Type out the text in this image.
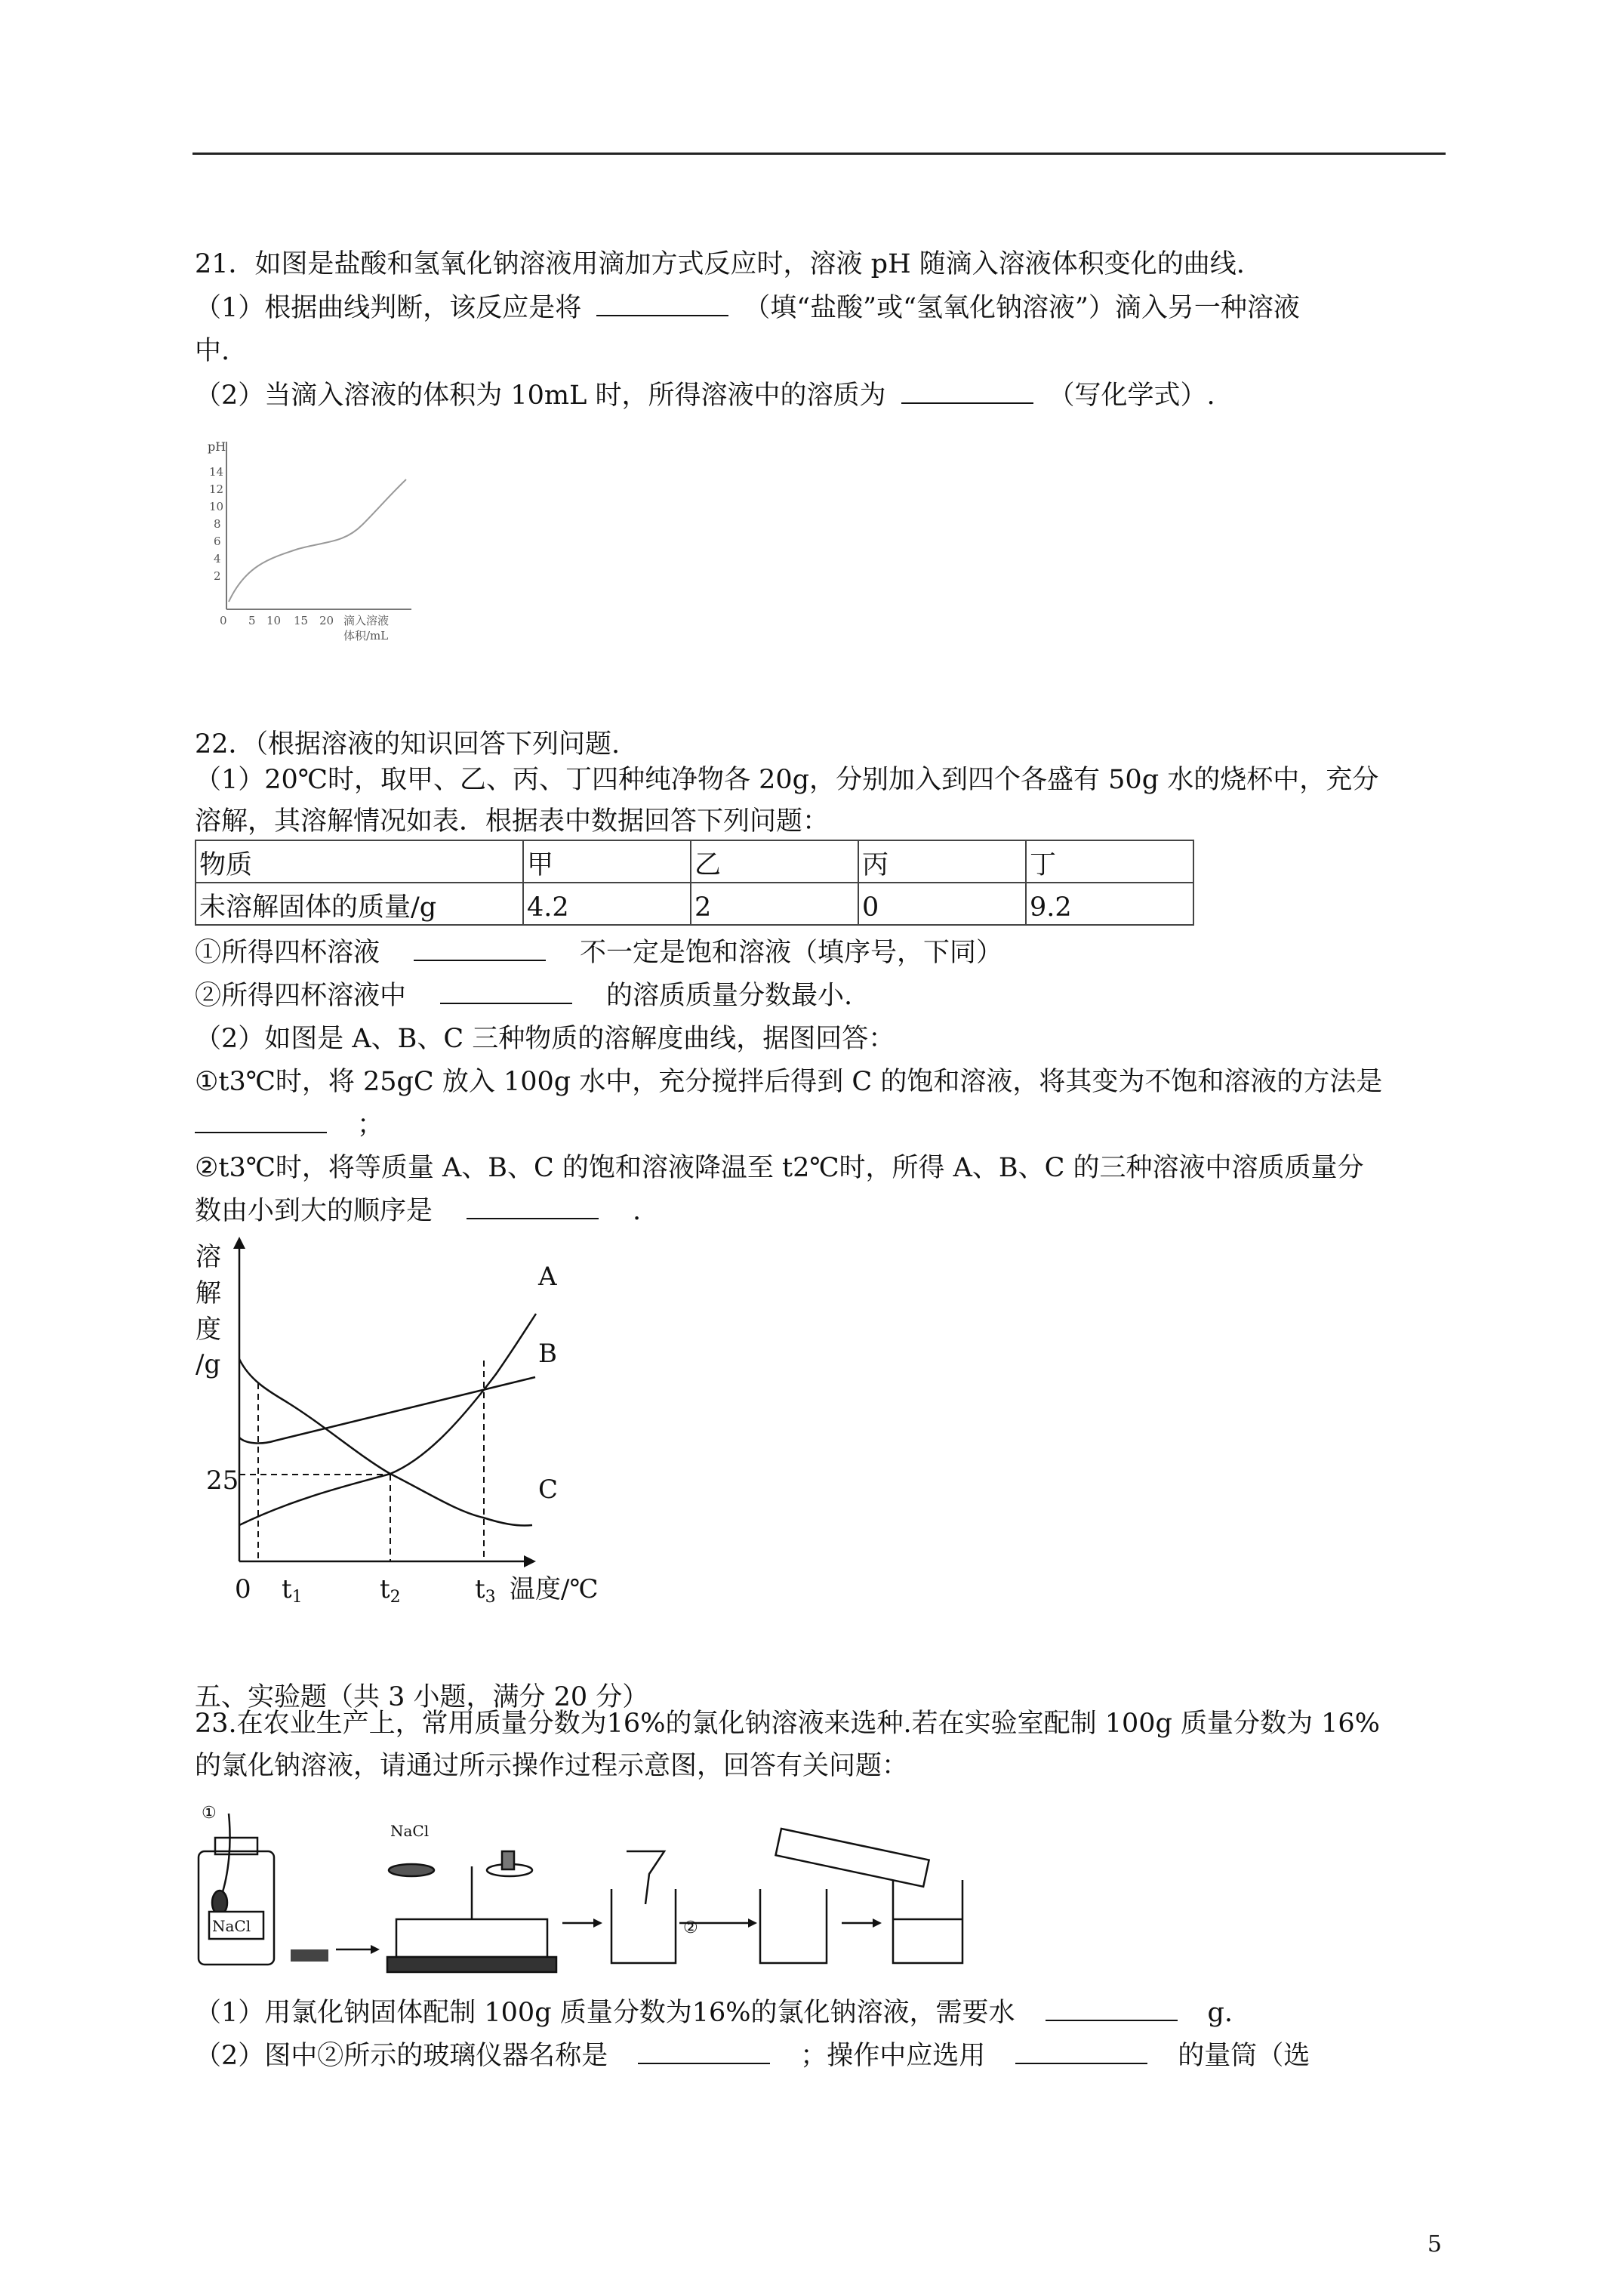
21．如图是盐酸和氢氧化钠溶液用滴加方式反应时，溶液 pH 随滴入溶液体积变化的曲线.
（1）根据曲线判断，该反应是将	（填“盐酸”或“氢氧化钠溶液”）滴入另一种溶液
中.
（2）当滴入溶液的体积为 10mL 时，所得溶液中的溶质为	（写化学式）.
pH
14
12
10
8
6
4
2
0 5 10 15 20 滴入溶液
体积/mL
22．（根据溶液的知识回答下列问题.
（1）20℃时，取甲、乙、丙、丁四种纯净物各 20g，分别加入到四个各盛有 50g 水的烧杯中，充分
溶解，其溶解情况如表．根据表中数据回答下列问题：
物质	甲	乙	丙	丁
未溶解固体的质量/g	4.2	2	0	9.2
①所得四杯溶液	不一定是饱和溶液（填序号，下同）
②所得四杯溶液中	的溶质质量分数最小.
（2）如图是 A、B、C 三种物质的溶解度曲线，据图回答：
①t3℃时，将 25gC 放入 100g 水中，充分搅拌后得到 C 的饱和溶液，将其变为不饱和溶液的方法是
；
②t3℃时，将等质量 A、B、C 的饱和溶液降温至 t2℃时，所得 A、B、C 的三种溶液中溶质质量分
数由小到大的顺序是	.
溶
解
度
/g
25
0 t1	t2	t3 温度/℃
A
B
C
五、实验题（共 3 小题，满分 20 分）
23.在农业生产上，常用质量分数为16%的氯化钠溶液来选种.若在实验室配制 100g 质量分数为 16%
的氯化钠溶液，请通过所示操作过程示意图，回答有关问题：
①
NaCl
NaCl
②
（1）用氯化钠固体配制 100g 质量分数为16%的氯化钠溶液，需要水	g.
（2）图中②所示的玻璃仪器名称是	；操作中应选用	的量筒（选
5
